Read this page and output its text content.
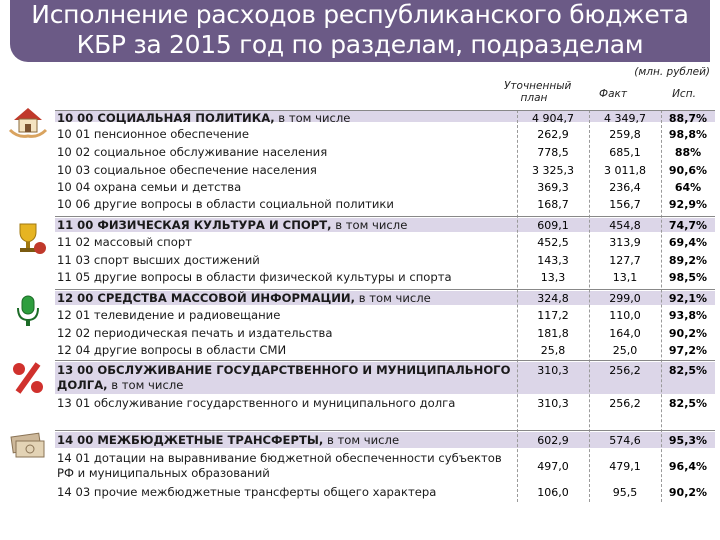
Исполнение расходов республиканского бюджета
КБР за 2015 год по разделам, подразделам
(млн. рублей)
Уточненный
план	Факт	Исп.
10 00 СОЦИАЛЬНАЯ ПОЛИТИКА, в том числе	4 904,7	4 349,7	88,7%
10 01 пенсионное обеспечение	262,9	259,8	98,8%
10 02 социальное обслуживание населения	778,5	685,1	88%
10 03 социальное обеспечение населения	3 325,3	3 011,8	90,6%
10 04 охрана семьи и детства	369,3	236,4	64%
10 06 другие вопросы в области социальной политики	168,7	156,7	92,9%
11 00 ФИЗИЧЕСКАЯ КУЛЬТУРА И СПОРТ, в том числе	609,1	454,8	74,7%
11 02 массовый спорт	452,5	313,9	69,4%
11 03 спорт высших достижений	143,3	127,7	89,2%
11 05 другие вопросы в области физической культуры и спорта	13,3	13,1	98,5%
12 00 СРЕДСТВА МАССОВОЙ ИНФОРМАЦИИ, в том числе	324,8	299,0	92,1%
12 01 телевидение и радиовещание	117,2	110,0	93,8%
12 02 периодическая печать и издательства	181,8	164,0	90,2%
12 04 другие вопросы в области СМИ	25,8	25,0	97,2%
13 00 ОБСЛУЖИВАНИЕ ГОСУДАРСТВЕННОГО И МУНИЦИПАЛЬНОГО ДОЛГА, в том числе
310,3	256,2	82,5%
13 01 обслуживание государственного и муниципального долга	310,3	256,2	82,5%
14 00 МЕЖБЮДЖЕТНЫЕ ТРАНСФЕРТЫ, в том числе	602,9	574,6	95,3%
14 01 дотации на выравнивание бюджетной обеспеченности субъектов РФ и муниципальных образований	497,0	479,1	96,4%
14 03 прочие межбюджетные трансферты общего характера	106,0	95,5	90,2%
